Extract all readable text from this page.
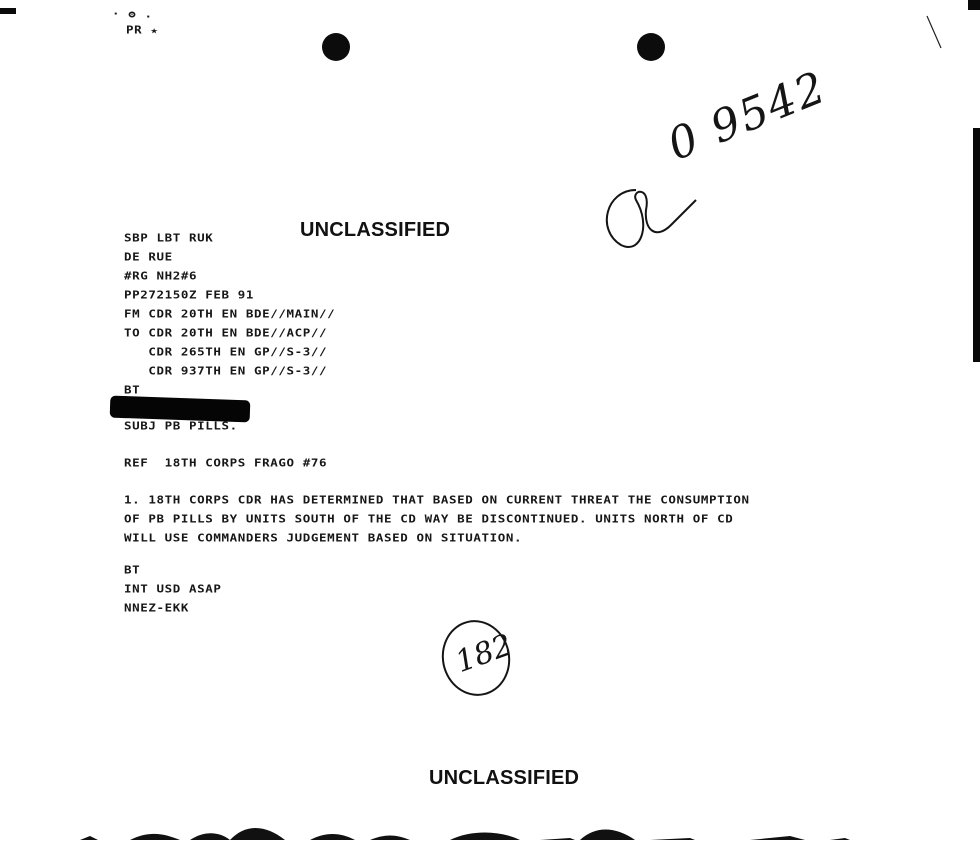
· ʘ .
PR ★
0 9542
UNCLASSIFIED
SBP LBT RUK
DE RUE
#RG NH2#6
PP272150Z FEB 91
FM CDR 20TH EN BDE//MAIN//
TO CDR 20TH EN BDE//ACP//
CDR 265TH EN GP//S-3//
CDR 937TH EN GP//S-3//
BT
SUBJ PB PILLS.
REF  18TH CORPS FRAGO #76
1. 18TH CORPS CDR HAS DETERMINED THAT BASED ON CURRENT THREAT THE CONSUMPTION
OF PB PILLS BY UNITS SOUTH OF THE CD WAY BE DISCONTINUED. UNITS NORTH OF CD
WILL USE COMMANDERS JUDGEMENT BASED ON SITUATION.
BT
INT USD ASAP
NNEZ-EKK
182
UNCLASSIFIED
